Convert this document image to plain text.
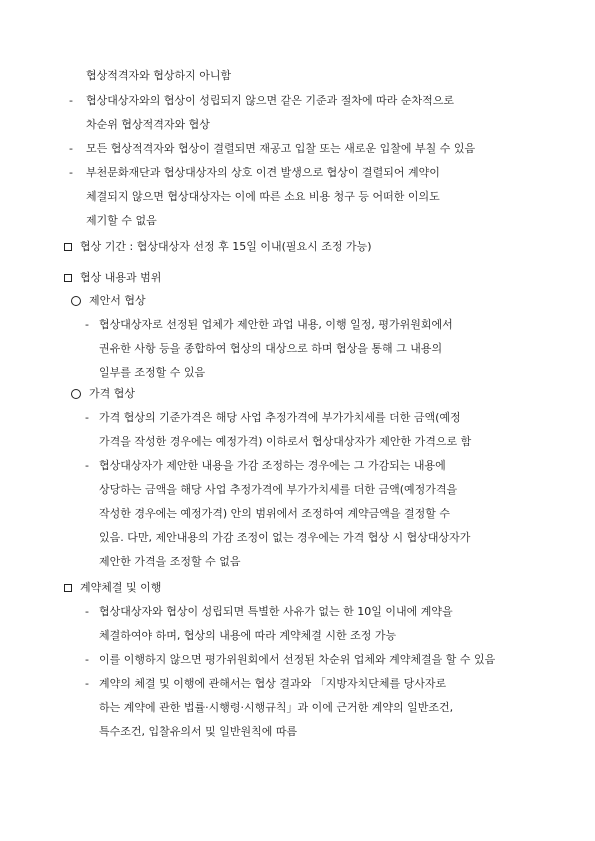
협상적격자와 협상하지 아니함
- 협상대상자와의 협상이 성립되지 않으면 같은 기준과 절차에 따라 순차적으로
차순위 협상적격자와 협상
- 모든 협상적격자와 협상이 결렬되면 재공고 입찰 또는 새로운 입찰에 부칠 수 있음
- 부천문화재단과 협상대상자의 상호 이견 발생으로 협상이 결렬되어 계약이
체결되지 않으면 협상대상자는 이에 따른 소요 비용 청구 등 어떠한 이의도
제기할 수 없음
협상 기간 : 협상대상자 선정 후 15일 이내(필요시 조정 가능)
협상 내용과 범위
제안서 협상
- 협상대상자로 선정된 업체가 제안한 과업 내용, 이행 일정, 평가위원회에서
권유한 사항 등을 종합하여 협상의 대상으로 하며 협상을 통해 그 내용의
일부를 조정할 수 있음
가격 협상
- 가격 협상의 기준가격은 해당 사업 추정가격에 부가가치세를 더한 금액(예정
가격을 작성한 경우에는 예정가격) 이하로서 협상대상자가 제안한 가격으로 함
- 협상대상자가 제안한 내용을 가감 조정하는 경우에는 그 가감되는 내용에
상당하는 금액을 해당 사업 추정가격에 부가가치세를 더한 금액(예정가격을
작성한 경우에는 예정가격) 안의 범위에서 조정하여 계약금액을 결정할 수
있음. 다만, 제안내용의 가감 조정이 없는 경우에는 가격 협상 시 협상대상자가
제안한 가격을 조정할 수 없음
계약체결 및 이행
- 협상대상자와 협상이 성립되면 특별한 사유가 없는 한 10일 이내에 계약을
체결하여야 하며, 협상의 내용에 따라 계약체결 시한 조정 가능
- 이를 이행하지 않으면 평가위원회에서 선정된 차순위 업체와 계약체결을 할 수 있음
- 계약의 체결 및 이행에 관해서는 협상 결과와 「지방자치단체를 당사자로
하는 계약에 관한 법률·시행령·시행규칙」과 이에 근거한 계약의 일반조건,
특수조건, 입찰유의서 및 일반원칙에 따름
